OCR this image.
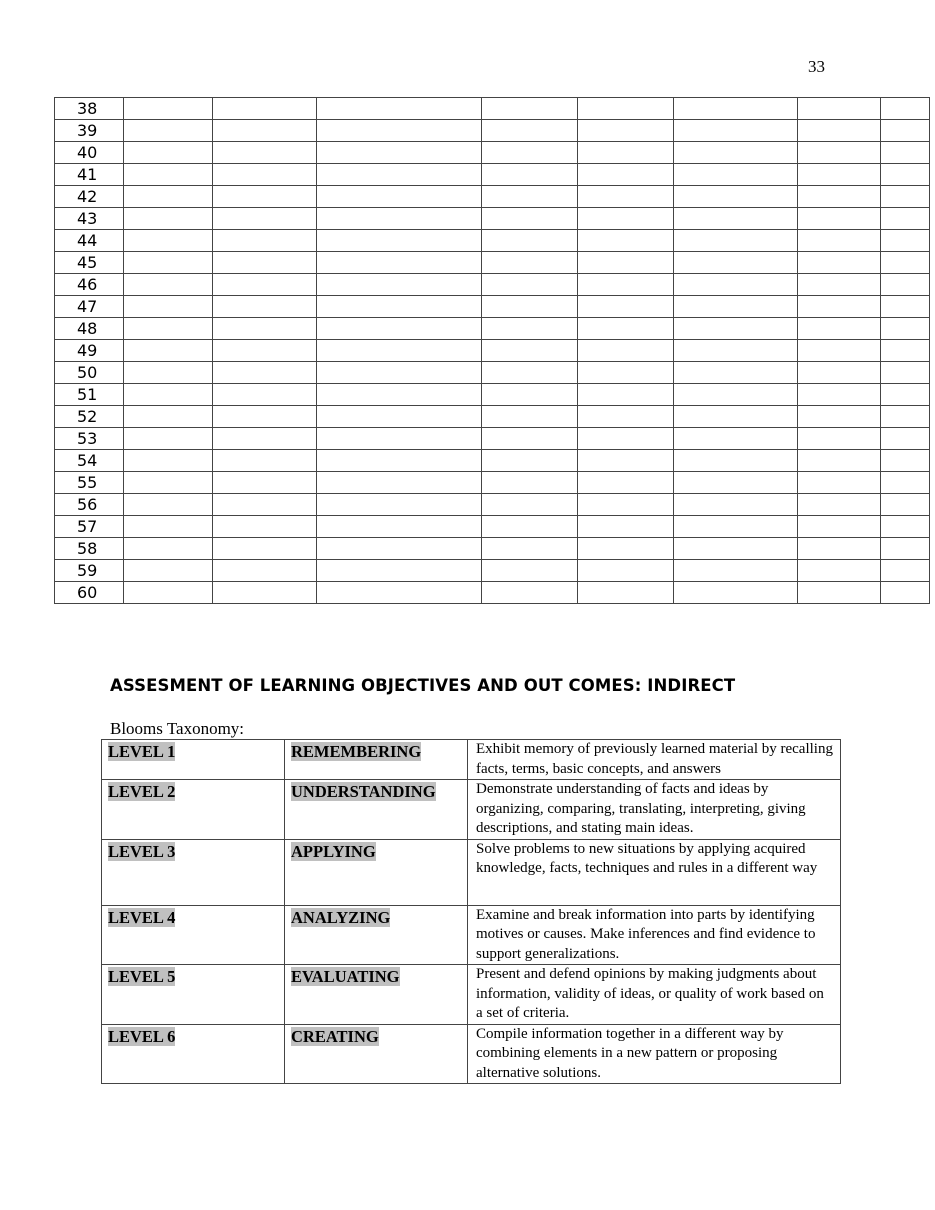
33
38								
39								
40								
41								
42								
43								
44								
45								
46								
47								
48								
49								
50								
51								
52								
53								
54								
55								
56								
57								
58								
59								
60								
ASSESMENT OF LEARNING OBJECTIVES AND OUT COMES: INDIRECT
Blooms Taxonomy:
LEVEL 1	REMEMBERING	Exhibit memory of previously learned material by recalling facts, terms, basic concepts, and answers
LEVEL 2	UNDERSTANDING	Demonstrate understanding of facts and ideas by organizing, comparing, translating, interpreting, giving descriptions, and stating main ideas.
LEVEL 3	APPLYING	Solve problems to new situations by applying acquired knowledge, facts, techniques and rules in a different way
LEVEL 4	ANALYZING	Examine and break information into parts by identifying motives or causes. Make inferences and find evidence to support generalizations.
LEVEL 5	EVALUATING	Present and defend opinions by making judgments about information, validity of ideas, or quality of work based on a set of criteria.
LEVEL 6	CREATING	Compile information together in a different way by combining elements in a new pattern or proposing alternative solutions.
